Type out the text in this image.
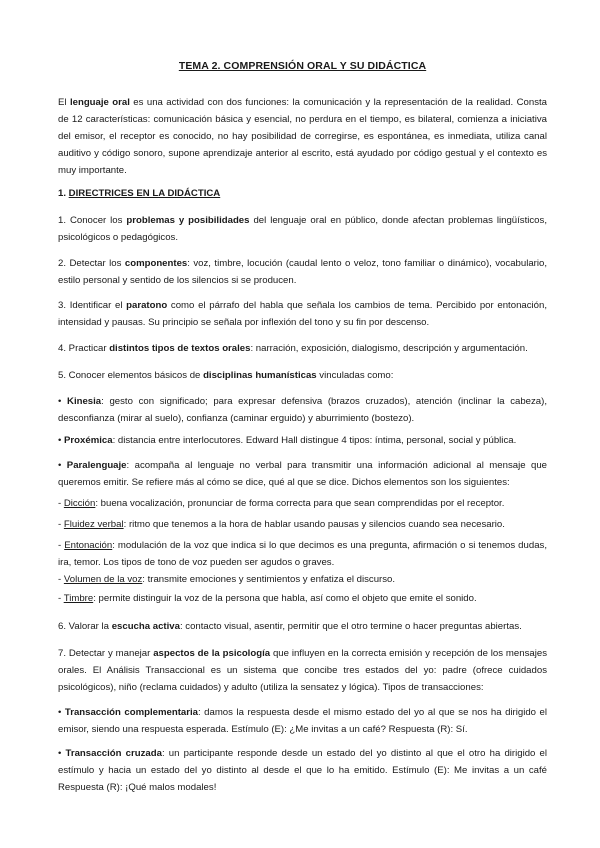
TEMA 2. COMPRENSIÓN ORAL Y SU DIDÁCTICA
El lenguaje oral es una actividad con dos funciones: la comunicación y la representación de la realidad. Consta de 12 características: comunicación básica y esencial, no perdura en el tiempo, es bilateral, comienza a iniciativa del emisor, el receptor es conocido, no hay posibilidad de corregirse, es espontánea, es inmediata, utiliza canal auditivo y código sonoro, supone aprendizaje anterior al escrito, está ayudado por código gestual y el contexto es muy importante.
1. DIRECTRICES EN LA DIDÁCTICA
1. Conocer los problemas y posibilidades del lenguaje oral en público, donde afectan problemas lingüísticos, psicológicos o pedagógicos.
2. Detectar los componentes: voz, timbre, locución (caudal lento o veloz, tono familiar o dinámico), vocabulario, estilo personal y sentido de los silencios si se producen.
3. Identificar el paratono como el párrafo del habla que señala los cambios de tema. Percibido por entonación, intensidad y pausas. Su principio se señala por inflexión del tono y su fin por descenso.
4. Practicar distintos tipos de textos orales: narración, exposición, dialogismo, descripción y argumentación.
5. Conocer elementos básicos de disciplinas humanísticas vinculadas como:
• Kinesia: gesto con significado; para expresar defensiva (brazos cruzados), atención (inclinar la cabeza), desconfianza (mirar al suelo), confianza (caminar erguido) y aburrimiento (bostezo).
• Proxémica: distancia entre interlocutores. Edward Hall distingue 4 tipos: íntima, personal, social y pública.
• Paralenguaje: acompaña al lenguaje no verbal para transmitir una información adicional al mensaje que queremos emitir. Se refiere más al cómo se dice, qué al que se dice. Dichos elementos son los siguientes:
- Dicción: buena vocalización, pronunciar de forma correcta para que sean comprendidas por el receptor.
- Fluidez verbal: ritmo que tenemos a la hora de hablar usando pausas y silencios cuando sea necesario.
- Entonación: modulación de la voz que indica si lo que decimos es una pregunta, afirmación o si tenemos dudas, ira, temor. Los tipos de tono de voz pueden ser agudos o graves.
- Volumen de la voz: transmite emociones y sentimientos y enfatiza el discurso.
- Timbre: permite distinguir la voz de la persona que habla, así como el objeto que emite el sonido.
6. Valorar la escucha activa: contacto visual, asentir, permitir que el otro termine o hacer preguntas abiertas.
7. Detectar y manejar aspectos de la psicología que influyen en la correcta emisión y recepción de los mensajes orales. El Análisis Transaccional es un sistema que concibe tres estados del yo: padre (ofrece cuidados psicológicos), niño (reclama cuidados) y adulto (utiliza la sensatez y lógica). Tipos de transacciones:
• Transacción complementaria: damos la respuesta desde el mismo estado del yo al que se nos ha dirigido el emisor, siendo una respuesta esperada. Estímulo (E): ¿Me invitas a un café? Respuesta (R): Sí.
• Transacción cruzada: un participante responde desde un estado del yo distinto al que el otro ha dirigido el estímulo y hacia un estado del yo distinto al desde el que lo ha emitido. Estímulo (E): Me invitas a un café Respuesta (R): ¡Qué malos modales!
